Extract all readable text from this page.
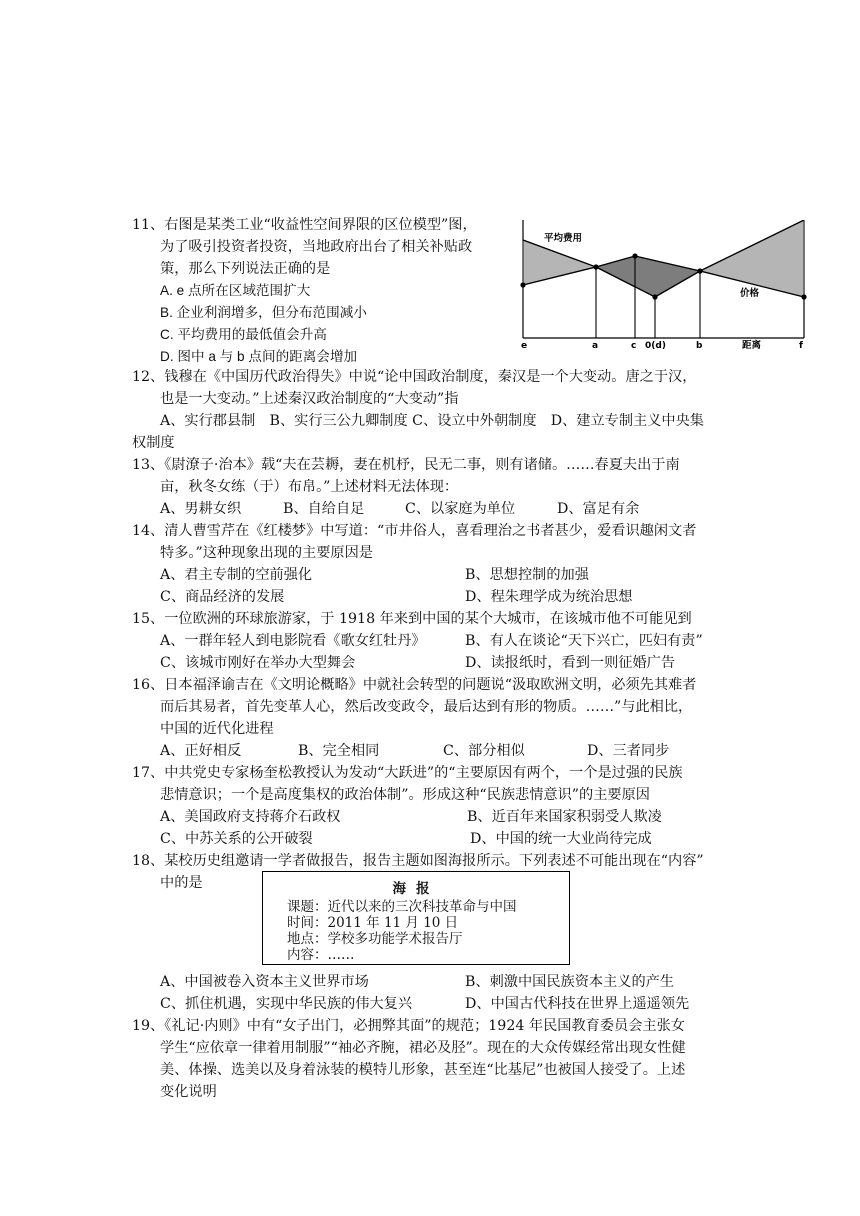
11、右图是某类工业“收益性空间界限的区位模型”图，
为了吸引投资者投资，当地政府出台了相关补贴政
策，那么下列说法正确的是
A. e 点所在区域范围扩大
B. 企业利润增多，但分布范围减小
C. 平均费用的最低值会升高
D. 图中 a 与 b 点间的距离会增加
平均费用
价格
距离
e	a	c 0(d)	b	f
12、钱穆在《中国历代政治得失》中说“论中国政治制度，秦汉是一个大变动。唐之于汉，
也是一大变动。”上述秦汉政治制度的“大变动”指
A、实行郡县制　B、实行三公九卿制度 C、设立中外朝制度　D、建立专制主义中央集
权制度
13、《尉潦子·治本》载“夫在芸耨，妻在机杼，民无二事，则有诸储。……春夏夫出于南
亩，秋冬女练（于）布帛。”上述材料无法体现：
A、男耕女织	B、自给自足	C、以家庭为单位	D、富足有余
14、清人曹雪芹在《红楼梦》中写道：“市井俗人，喜看理治之书者甚少，爱看识趣闲文者
特多。”这种现象出现的主要原因是
A、君主专制的空前强化	B、思想控制的加强
C、商品经济的发展	D、程朱理学成为统治思想
15、一位欧洲的环球旅游家，于 1918 年来到中国的某个大城市，在该城市他不可能见到
A、一群年轻人到电影院看《歌女红牡丹》	B、有人在谈论“天下兴亡，匹妇有责”
C、该城市刚好在举办大型舞会	D、读报纸时，看到一则征婚广告
16、日本福泽谕吉在《文明论概略》中就社会转型的问题说“汲取欧洲文明，必须先其难者
而后其易者，首先变革人心，然后改变政令，最后达到有形的物质。……”与此相比，
中国的近代化进程
A、正好相反	B、完全相同	C、部分相似	D、三者同步
17、中共党史专家杨奎松教授认为发动“大跃进”的“主要原因有两个，一个是过强的民族
悲情意识；一个是高度集权的政治体制”。形成这种“民族悲情意识”的主要原因
A、美国政府支持蒋介石政权	B、近百年来国家积弱受人欺凌
C、中苏关系的公开破裂	D、中国的统一大业尚待完成
18、某校历史组邀请一学者做报告，报告主题如图海报所示。下列表述不可能出现在“内容”
中的是	海报
课题：近代以来的三次科技革命与中国
时间：2011 年 11 月 10 日
地点：学校多功能学术报告厅
内容：……
A、中国被卷入资本主义世界市场	B、刺激中国民族资本主义的产生
C、抓住机遇，实现中华民族的伟大复兴	D、中国古代科技在世界上遥遥领先
19、《礼记·内则》中有“女子出门，必拥弊其面”的规范；1924 年民国教育委员会主张女
学生“应依章一律着用制服”“袖必齐腕，裙必及胫”。现在的大众传媒经常出现女性健
美、体操、选美以及身着泳装的模特儿形象，甚至连“比基尼”也被国人接受了。上述
变化说明
